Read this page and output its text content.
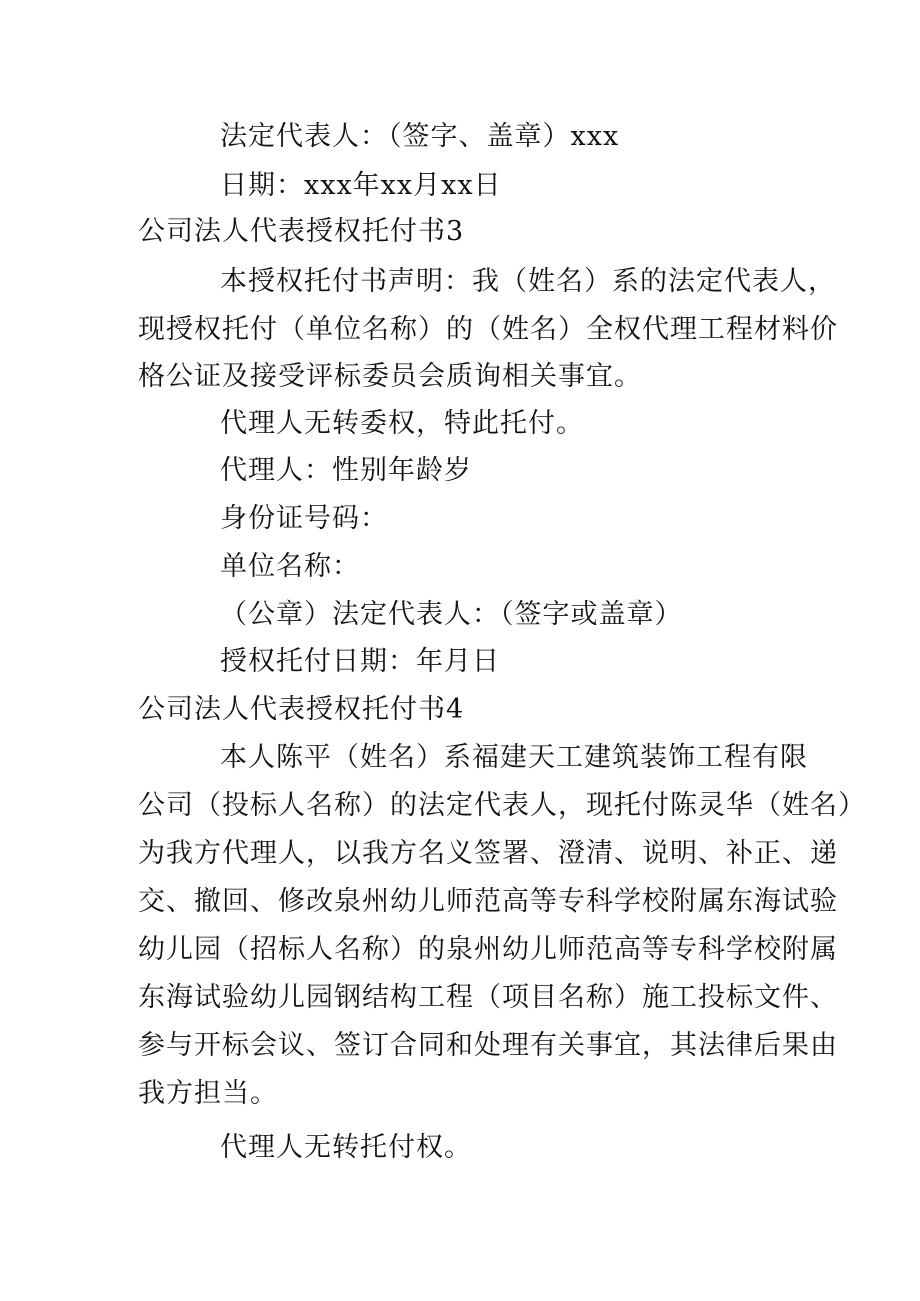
法定代表人：（签字、盖章）xxx
日期：xxx年xx月xx日
公司法人代表授权托付书3
本授权托付书声明：我（姓名）系的法定代表人，
现授权托付（单位名称）的（姓名）全权代理工程材料价
格公证及接受评标委员会质询相关事宜。
代理人无转委权，特此托付。
代理人：性别年龄岁
身份证号码：
单位名称：
（公章）法定代表人：（签字或盖章）
授权托付日期：年月日
公司法人代表授权托付书4
本人陈平（姓名）系福建天工建筑装饰工程有限
公司（投标人名称）的法定代表人，现托付陈灵华（姓名）
为我方代理人，以我方名义签署、澄清、说明、补正、递
交、撤回、修改泉州幼儿师范高等专科学校附属东海试验
幼儿园（招标人名称）的泉州幼儿师范高等专科学校附属
东海试验幼儿园钢结构工程（项目名称）施工投标文件、
参与开标会议、签订合同和处理有关事宜，其法律后果由
我方担当。
代理人无转托付权。
